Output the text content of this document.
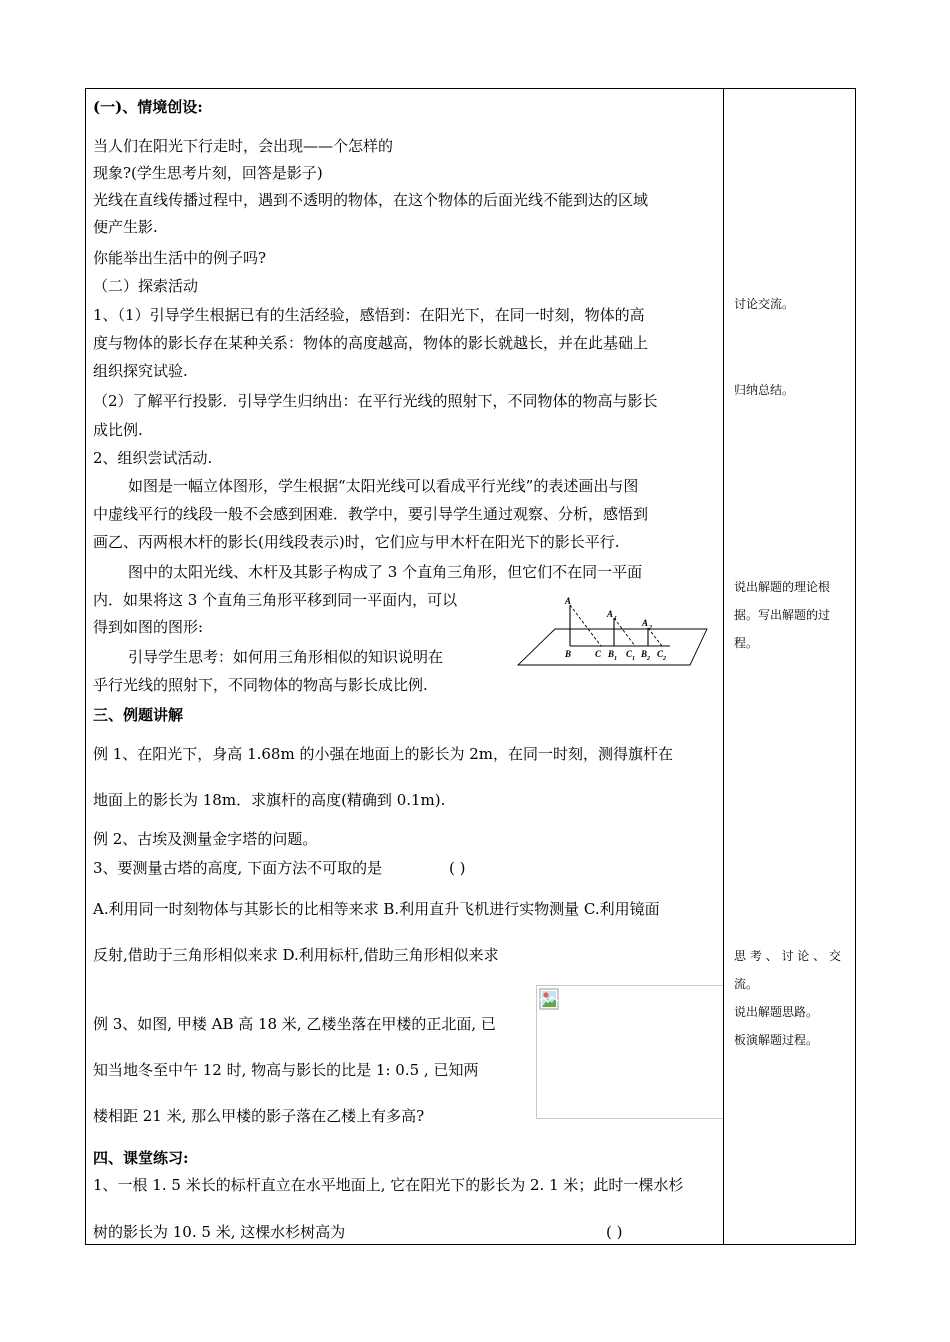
(一)、情境创设:
当人们在阳光下行走时，会出现——个怎样的
现象?(学生思考片刻，回答是影子)
光线在直线传播过程中，遇到不透明的物体，在这个物体的后面光线不能到达的区域
便产生影.
你能举出生活中的例子吗?
（二）探索活动
1、（1）引导学生根据已有的生活经验，感悟到：在阳光下，在同一时刻，物体的高
度与物体的影长存在某种关系：物体的高度越高，物体的影长就越长，并在此基础上
组织探究试验.
（2）了解平行投影．引导学生归纳出：在平行光线的照射下，不同物体的物高与影长
成比例.
2、组织尝试活动.
如图是一幅立体图形，学生根据“太阳光线可以看成平行光线”的表述画出与图
中虚线平行的线段一般不会感到困难．教学中，要引导学生通过观察、分析，感悟到
画乙、丙两根木杆的影长(用线段表示)时，它们应与甲木杆在阳光下的影长平行.
图中的太阳光线、木杆及其影子构成了 3 个直角三角形，但它们不在同一平面
内．如果将这 3 个直角三角形平移到同一平面内，可以
得到如图的图形:
引导学生思考：如何用三角形相似的知识说明在
乎行光线的照射下，不同物体的物高与影长成比例.
A
A 1	A 2
B	C B 1 C 1 B 2 C 2
三、例题讲解
例 1、在阳光下，身高 1.68m 的小强在地面上的影长为 2m，在同一时刻，测得旗杆在
地面上的影长为 18m．求旗杆的高度(精确到 0.1m).
例 2、古埃及测量金字塔的问题。
3、要测量古塔的高度, 下面方法不可取的是	( )
A.利用同一时刻物体与其影长的比相等来求 B.利用直升飞机进行实物测量 C.利用镜面
反射,借助于三角形相似来求 D.利用标杆,借助三角形相似来求
例 3、如图, 甲楼 AB 高 18 米, 乙楼坐落在甲楼的正北面, 已
知当地冬至中午 12 时, 物高与影长的比是 1: 0.5 , 已知两
楼相距 21 米, 那么甲楼的影子落在乙楼上有多高?
四、课堂练习:
1、一根 1. 5 米长的标杆直立在水平地面上, 它在阳光下的影长为 2. 1 米；此时一棵水杉
树的影长为 10. 5 米, 这棵水杉树高为	( )
讨论交流。
归纳总结。
说出解题的理论根
据。写出解题的过
程。
思 考 、 讨 论 、 交
流。
说出解题思路。
板演解题过程。
